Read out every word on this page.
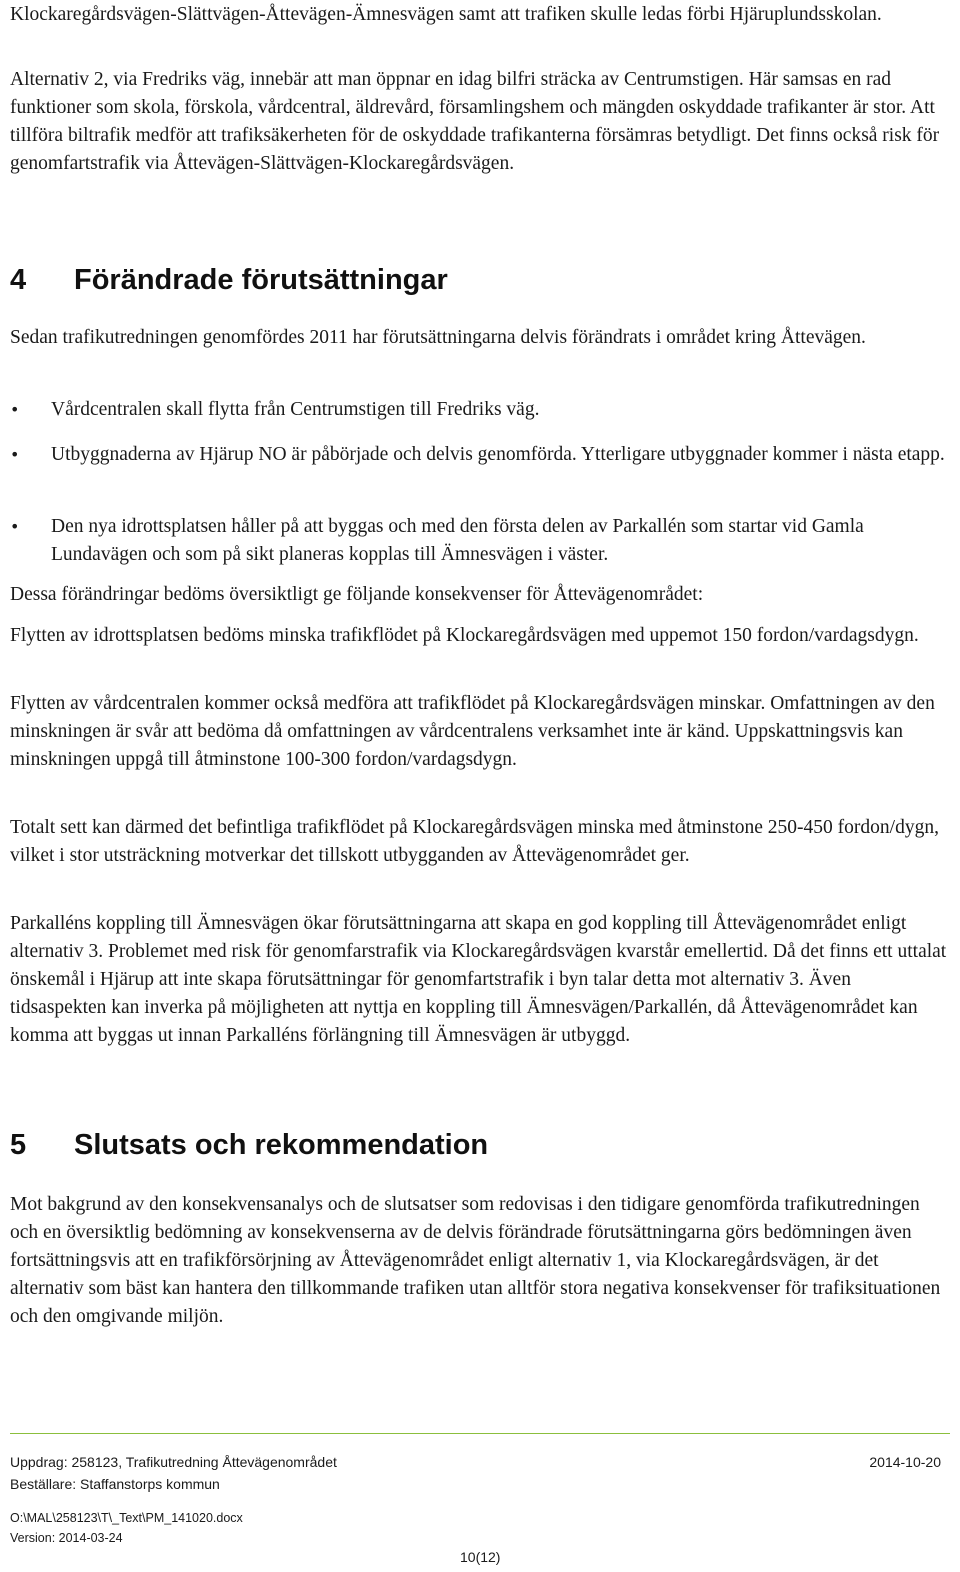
Klockaregårdsvägen-Slättvägen-Åttevägen-Ämnesvägen samt att trafiken skulle ledas förbi Hjäruplundsskolan.

Alternativ 2, via Fredriks väg, innebär att man öppnar en idag bilfri sträcka av Centrumstigen. Här samsas en rad funktioner som skola, förskola, vårdcentral, äldrevård, församlingshem och mängden oskyddade trafikanter är stor. Att tillföra biltrafik medför att trafiksäkerheten för de oskyddade trafikanterna försämras betydligt. Det finns också risk för genomfartstrafik via Åttevägen-Slättvägen-Klockaregårdsvägen.

4 Förändrade förutsättningar

Sedan trafikutredningen genomfördes 2011 har förutsättningarna delvis förändrats i området kring Åttevägen.

•	Vårdcentralen skall flytta från Centrumstigen till Fredriks väg.

•	Utbyggnaderna av Hjärup NO är påbörjade och delvis genomförda. Ytterligare utbyggnader kommer i nästa etapp.

•	Den nya idrottsplatsen håller på att byggas och med den första delen av Parkallén som startar vid Gamla Lundavägen och som på sikt planeras kopplas till Ämnesvägen i väster.

Dessa förändringar bedöms översiktligt ge följande konsekvenser för Åttevägenområdet:

Flytten av idrottsplatsen bedöms minska trafikflödet på Klockaregårdsvägen med uppemot 150 fordon/vardagsdygn.

Flytten av vårdcentralen kommer också medföra att trafikflödet på Klockaregårdsvägen minskar. Omfattningen av den minskningen är svår att bedöma då omfattningen av vårdcentralens verksamhet inte är känd. Uppskattningsvis kan minskningen uppgå till åtminstone 100-300 fordon/vardagsdygn.

Totalt sett kan därmed det befintliga trafikflödet på Klockaregårdsvägen minska med åtminstone 250-450 fordon/dygn, vilket i stor utsträckning motverkar det tillskott utbygganden av Åttevägenområdet ger.

Parkalléns koppling till Ämnesvägen ökar förutsättningarna att skapa en god koppling till Åttevägenområdet enligt alternativ 3. Problemet med risk för genomfarstrafik via Klockaregårdsvägen kvarstår emellertid. Då det finns ett uttalat önskemål i Hjärup att inte skapa förutsättningar för genomfartstrafik i byn talar detta mot alternativ 3. Även tidsaspekten kan inverka på möjligheten att nyttja en koppling till Ämnesvägen/Parkallén, då Åttevägenområdet kan komma att byggas ut innan Parkalléns förlängning till Ämnesvägen är utbyggd.

5 Slutsats och rekommendation

Mot bakgrund av den konsekvensanalys och de slutsatser som redovisas i den tidigare genomförda trafikutredningen och en översiktlig bedömning av konsekvenserna av de delvis förändrade förutsättningarna görs bedömningen även fortsättningsvis att en trafikförsörjning av Åttevägenområdet enligt alternativ 1, via Klockaregårdsvägen, är det alternativ som bäst kan hantera den tillkommande trafiken utan alltför stora negativa konsekvenser för trafiksituationen och den omgivande miljön.

Uppdrag: 258123, Trafikutredning Åttevägenområdet	2014-10-20

Beställare: Staffanstorps kommun

O:\MAL\258123\T\_Text\PM_141020.docx

Version: 2014-03-24

10(12)
